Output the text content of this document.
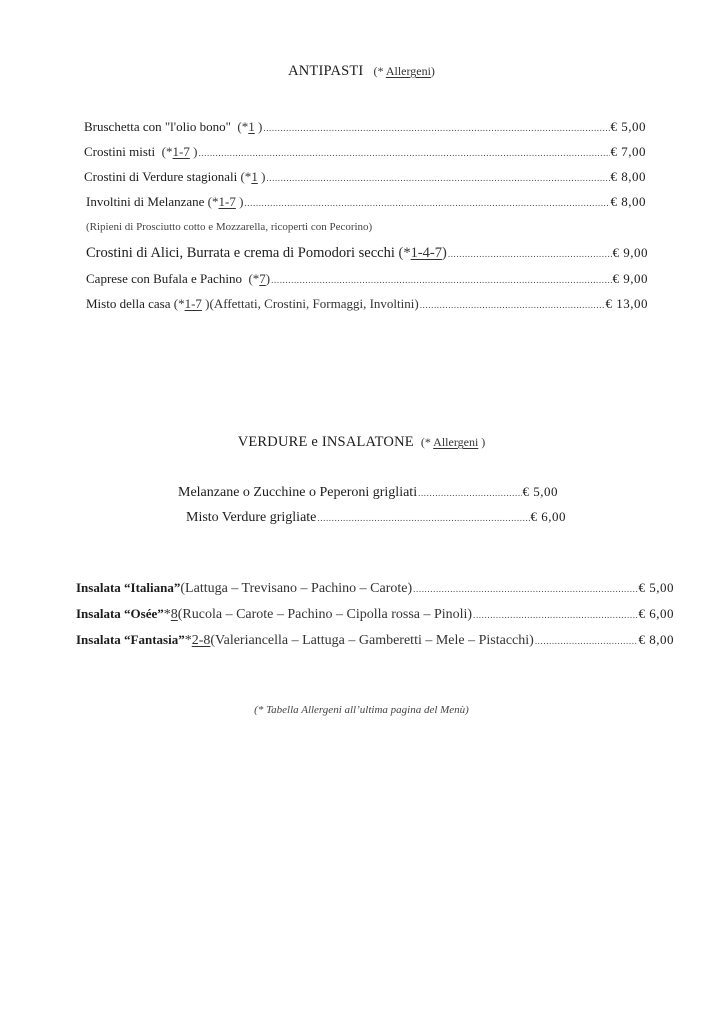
ANTIPASTI (* Allergeni)
Bruschetta con "l'olio bono" (*1 ) .....	€ 5,00
Crostini misti (*1-7 ) .....	€ 7,00
Crostini di Verdure stagionali (*1 ) .....	€ 8,00
Involtini di Melanzane (*1-7 ) .....	€ 8,00
(Ripieni di Prosciutto cotto e Mozzarella, ricoperti con Pecorino)
Crostini di Alici, Burrata e crema di Pomodori secchi (*1-4-7) .....	€ 9,00
Caprese con Bufala e Pachino (*7) .....	€ 9,00
Misto della casa (*1-7 ) (Affettati, Crostini, Formaggi, Involtini) .....	€ 13,00
VERDURE e INSALATONE (* Allergeni )
Melanzane o Zucchine o Peperoni grigliati .....	€ 5,00
Misto Verdure grigliate .....	€ 6,00
Insalata “Italiana” (Lattuga – Trevisano – Pachino – Carote) .....	€ 5,00
Insalata “Osée” *8 (Rucola – Carote – Pachino – Cipolla rossa – Pinoli) .....	€ 6,00
Insalata “Fantasia” *2-8 (Valeriancella – Lattuga – Gamberetti – Mele – Pistacchi) .....	€ 8,00
(* Tabella Allergeni all’ultima pagina del Menù)
